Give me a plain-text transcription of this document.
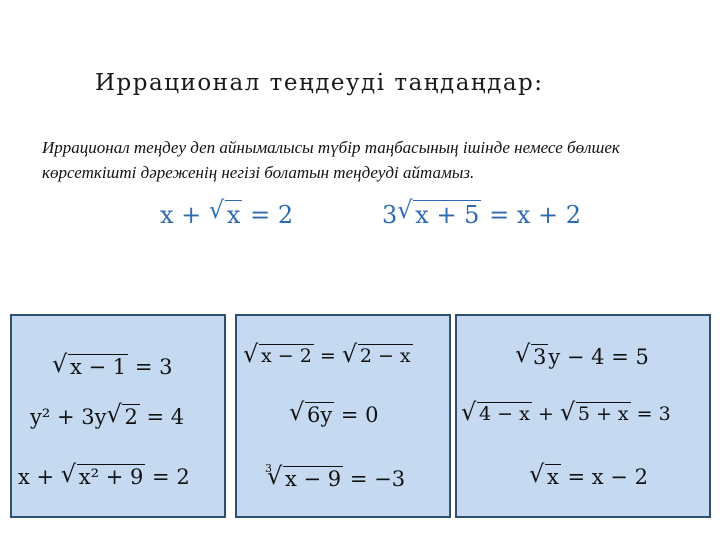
Иррационал теңдеуді таңдаңдар:
Иррационал теңдеу деп айнымалысы түбір таңбасының ішінде немесе бөлшек көрсеткішті дәреженің негізі болатын теңдеуді айтамыз.
x + √ x = 2	3 √ x + 5 = x + 2
√ x − 1 = 3
y² + 3y √ 2 = 4
x + √ x² + 9 = 2
√ x − 2 = √ 2 − x
√ 6y = 0
√ 3 x − 9 = −3
√ 3y − 4 = 5
√ 4 − x + √ 5 + x = 3
√ x = x − 2
